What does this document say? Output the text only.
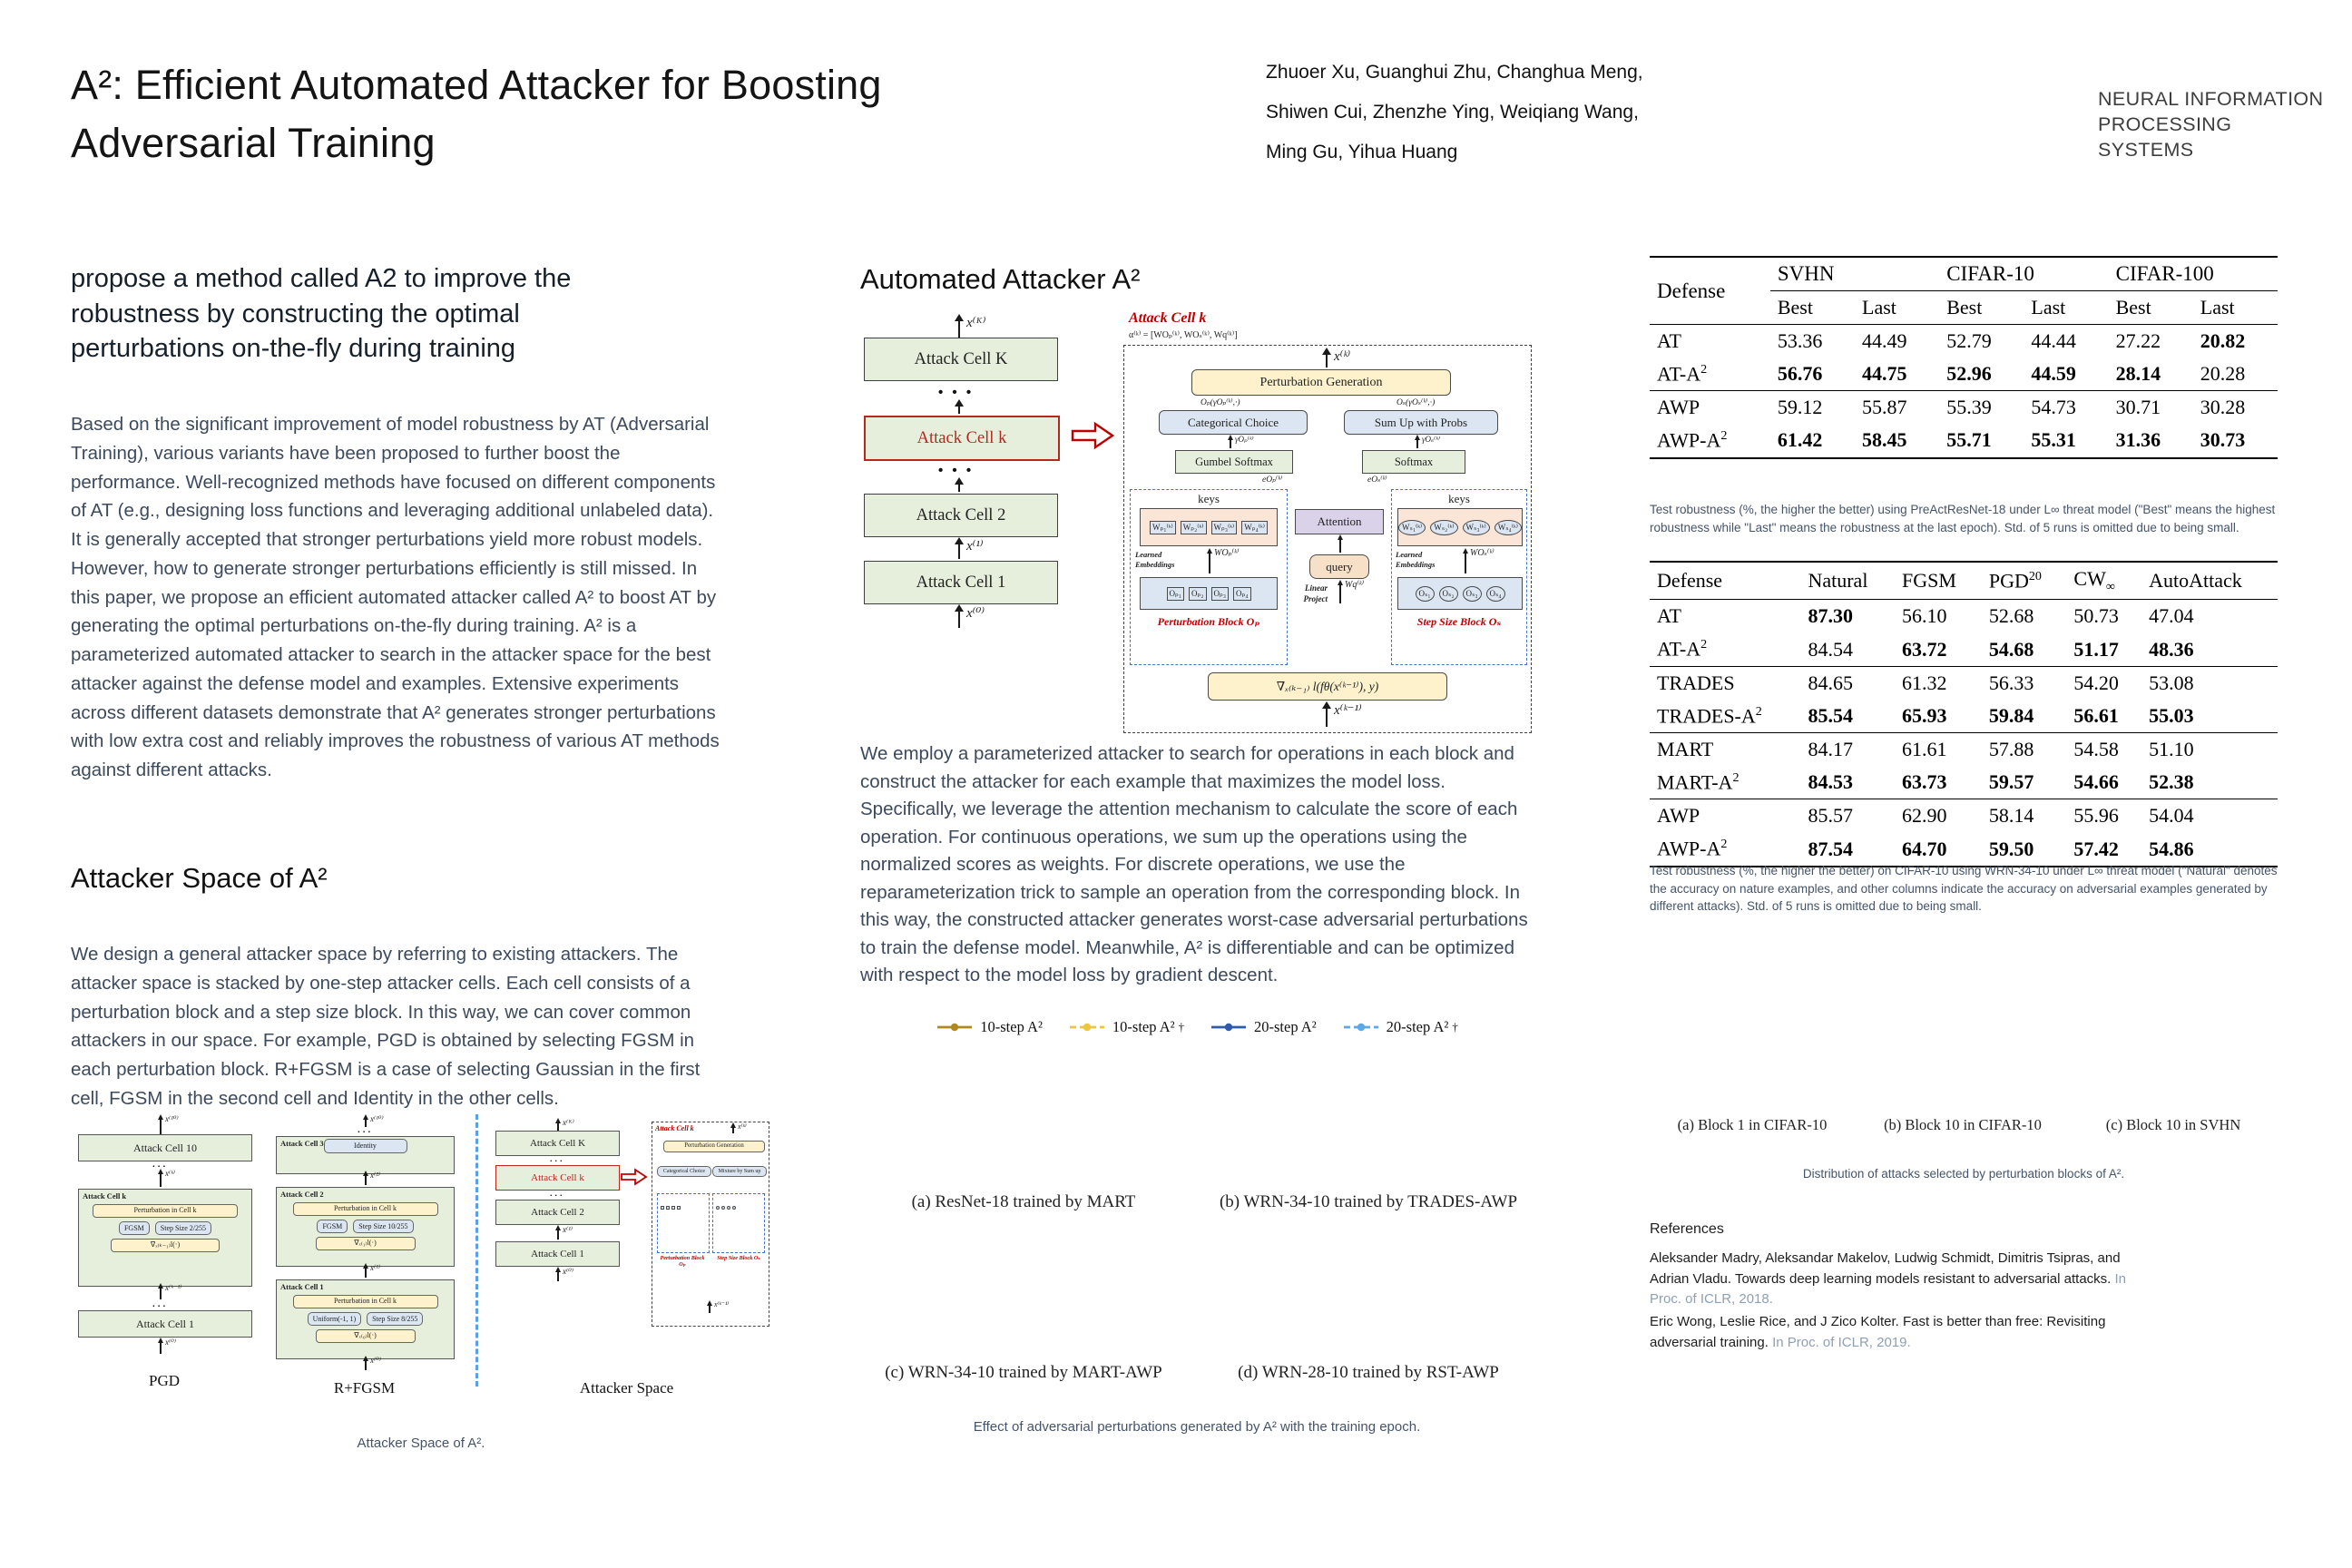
A²: Efficient Automated Attacker for Boosting Adversarial Training
Zhuoer Xu, Guanghui Zhu, Changhua Meng,
Shiwen Cui, Zhenzhe Ying, Weiqiang Wang,
Ming Gu, Yihua Huang
NEURAL INFORMATION
PROCESSING SYSTEMS
propose a method called A2 to improve the robustness by constructing the optimal perturbations on-the-fly during training
Based on the significant improvement of model robustness by AT (Adversarial Training), various variants have been proposed to further boost the performance. Well-recognized methods have focused on different components of AT (e.g., designing loss functions and leveraging additional unlabeled data). It is generally accepted that stronger perturbations yield more robust models. However, how to generate stronger perturbations efficiently is still missed. In this paper, we propose an efficient automated attacker called A² to boost AT by generating the optimal perturbations on-the-fly during training. A² is a parameterized automated attacker to search in the attacker space for the best attacker against the defense model and examples. Extensive experiments across different datasets demonstrate that A² generates stronger perturbations with low extra cost and reliably improves the robustness of various AT methods against different attacks.
Attacker Space of A²
We design a general attacker space by referring to existing attackers. The attacker space is stacked by one-step attacker cells. Each cell consists of a perturbation block and a step size block. In this way, we can cover common attackers in our space. For example, PGD is obtained by selecting FGSM in each perturbation block. R+FGSM is a case of selecting Gaussian in the first cell, FGSM in the second cell and Identity in the other cells.
x⁽¹⁰⁾
Attack Cell 10
...
x⁽ᵏ⁾
Attack Cell k
Perturbation in Cell k
FGSM	Step Size 2/255
∇ₓ₍ₖ₋₁₎l(·)
x⁽ᵏ⁻¹⁾
...
Attack Cell 1
x⁽⁰⁾
PGD
x⁽¹⁰⁾
...
Attack Cell 3	Identity
x⁽²⁾
Attack Cell 2
Perturbation in Cell k
FGSM	Step Size 10/255
∇ₓ₍₁₎l(·)
x⁽¹⁾
Attack Cell 1
Perturbation in Cell k
Uniform(-1, 1)	Step Size 8/255
∇ₓ₍₀₎l(·)
x⁽⁰⁾
R+FGSM
x⁽ᴷ⁾
Attack Cell K
...
Attack Cell k
...
Attack Cell 2
x⁽¹⁾
Attack Cell 1
x⁽⁰⁾
Attack Cell k	x⁽ᵏ⁾
Perturbation Generation
Categorical Choice	Mixture by Sum up
Perturbation Block Oₚ
Step Size Block Oₛ
x⁽ᵏ⁻¹⁾
Attacker Space
Attacker Space of A².
Automated Attacker A²
x⁽ᴷ⁾
Attack Cell K
• • •
Attack Cell k
• • •
Attack Cell 2
x⁽¹⁾
Attack Cell 1
x⁽⁰⁾
Attack Cell k
α⁽ᵏ⁾ = [WOₚ⁽ᵏ⁾, WOₛ⁽ᵏ⁾, Wq⁽ᵏ⁾]
x⁽ᵏ⁾
Perturbation Generation
Oₚ(γOₚ⁽ᵏ⁾,·)	Oₛ(γOₛ⁽ᵏ⁾,·)
Categorical Choice	Sum Up with Probs
γOₚ⁽ᵏ⁾	γOₛ⁽ᵏ⁾
Gumbel Softmax	Softmax
eOₚ⁽ᵏ⁾	eOₛ⁽ᵏ⁾
keys
Wₚ₁⁽ᵏ⁾	Wₚ₂⁽ᵏ⁾	Wₚ₃⁽ᵏ⁾	Wₚ₄⁽ᵏ⁾
Learned Embeddings
WOₚ⁽ᵏ⁾
Oₚ₁	Oₚ₂	Oₚ₃	Oₚ₄
Perturbation Block Oₚ
Attention
query
Linear Project
Wq⁽ᵏ⁾
keys
Wₛ₁⁽ᵏ⁾	Wₛ₂⁽ᵏ⁾	Wₛ₃⁽ᵏ⁾	Wₛ₄⁽ᵏ⁾
Learned Embeddings
WOₛ⁽ᵏ⁾
Oₛ₁	Oₛ₂	Oₛ₃	Oₛ₄
Step Size Block Oₛ
∇ₓ₍ₖ₋₁₎ l(fθ(x⁽ᵏ⁻¹⁾), y)
x⁽ᵏ⁻¹⁾
We employ a parameterized attacker to search for operations in each block and construct the attacker for each example that maximizes the model loss. Specifically, we leverage the attention mechanism to calculate the score of each operation. For continuous operations, we sum up the operations using the normalized scores as weights. For discrete operations, we use the reparameterization trick to sample an operation from the corresponding block. In this way, the constructed attacker generates worst-case adversarial perturbations to train the defense model. Meanwhile, A² is differentiable and can be optimized with respect to the model loss by gradient descent.
10-step A²	10-step A² †	20-step A²	20-step A² †
(a) ResNet-18 trained by MART	(b) WRN-34-10 trained by TRADES-AWP
(c) WRN-34-10 trained by MART-AWP	(d) WRN-28-10 trained by RST-AWP
Effect of adversarial perturbations generated by A² with the training epoch.
Defense	SVHN		CIFAR-10		CIFAR-100	
	Best	Last	Best	Last	Best	Last
AT	53.36	44.49	52.79	44.44	27.22	20.82
$AT-A^2$	56.76	44.75	52.96	44.59	28.14	20.28
AWP	59.12	55.87	55.39	54.73	30.71	30.28
AWP-$A^2$	61.42	58.45	55.71	55.31	31.36	30.73
Test robustness (%, the higher the better) using PreActResNet-18 under L∞ threat model ("Best" means the highest robustness while "Last" means the robustness at the last epoch). Std. of 5 runs is omitted due to being small.
Defense	Natural	FGSM	PGD$^{20}$	$CW_\infty$	AutoAttack
AT	87.30	56.10	52.68	50.73	47.04
$AT-A^2$	84.54	63.72	54.68	51.17	48.36
TRADES	84.65	61.32	56.33	54.20	53.08
TRADES-$A^2$	85.54	65.93	59.84	56.61	55.03
MART	84.17	61.61	57.88	54.58	51.10
MART-$A^2$	84.53	63.73	59.57	54.66	52.38
AWP	85.57	62.90	58.14	55.96	54.04
AWP-$A^2$	87.54	64.70	59.50	57.42	54.86
Test robustness (%, the higher the better) on CIFAR-10 using WRN-34-10 under L∞ threat model ("Natural" denotes the accuracy on nature examples, and other columns indicate the accuracy on adversarial examples generated by different attacks). Std. of 5 runs is omitted due to being small.
(a) Block 1 in CIFAR-10	(b) Block 10 in CIFAR-10	(c) Block 10 in SVHN
Distribution of attacks selected by perturbation blocks of A².
References
Aleksander Madry, Aleksandar Makelov, Ludwig Schmidt, Dimitris Tsipras, and Adrian Vladu. Towards deep learning models resistant to adversarial attacks. In Proc. of ICLR, 2018.
Eric Wong, Leslie Rice, and J Zico Kolter. Fast is better than free: Revisiting adversarial training. In Proc. of ICLR, 2019.
